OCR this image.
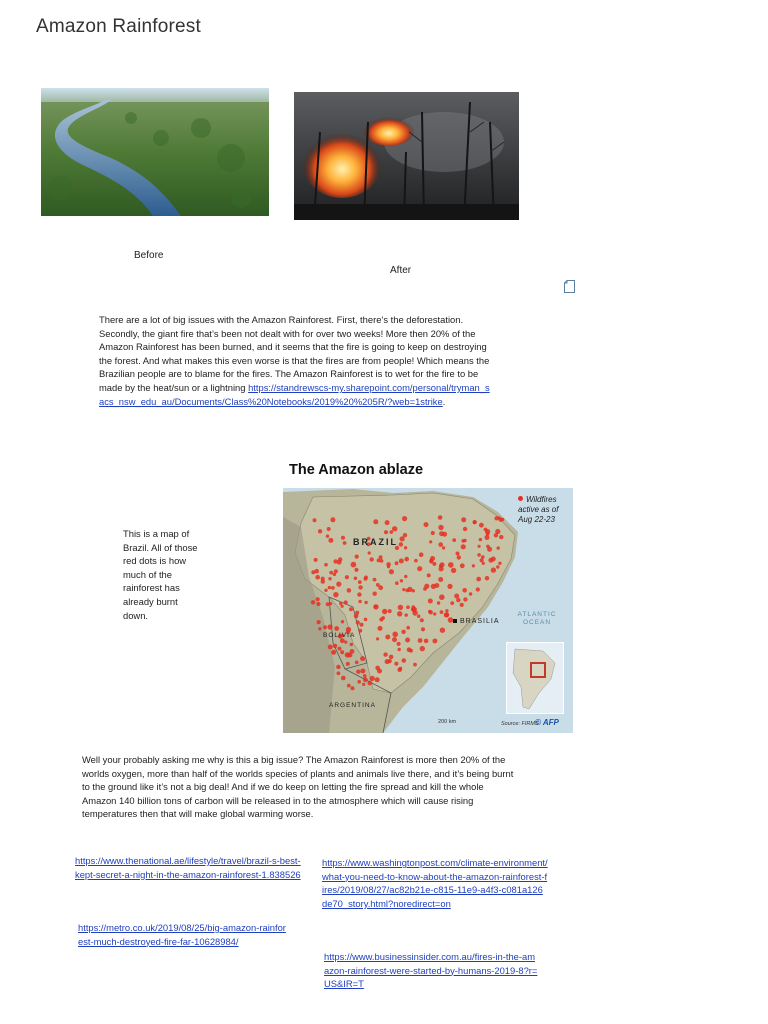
Amazon Rainforest
Before
After
There are a lot of big issues with the Amazon Rainforest. First, there’s the deforestation. Secondly, the giant fire that’s been not dealt with for over two weeks! More then 20% of the Amazon Rainforest has been burned, and it seems that the fire is going to keep on destroying the forest. And what makes this even worse is that the fires are from people! Which means the Brazilian people are to blame for the fires. The Amazon Rainforest is to wet for the fire to be made by the heat/sun or a lightning https://standrewscs-my.sharepoint.com/personal/tryman_sacs_nsw_edu_au/Documents/Class%20Notebooks/2019%20%205R/?web=1strike.
This is a map of Brazil. All of those red dots is how much of the rainforest has already burnt down.
The Amazon ablaze
Wildfires active as of Aug 22-23
BRAZIL
BRASILIA
BOLIVIA
ARGENTINA
ATLANTIC OCEAN
200 km	Source: FIRMS
© AFP
Well your probably asking me why is this a big issue? The Amazon Rainforest is more then 20% of the worlds oxygen, more than half of the worlds species of plants and animals live there, and it’s being burnt to the ground like it’s not a big deal! And if we do keep on letting the fire spread and kill the whole Amazon 140 billion tons of carbon will be released in to the atmosphere which will cause rising temperatures then that will make global warming worse.
https://www.thenational.ae/lifestyle/travel/brazil-s-best-kept-secret-a-night-in-the-amazon-rainforest-1.838526
https://metro.co.uk/2019/08/25/big-amazon-rainforest-much-destroyed-fire-far-10628984/
https://www.washingtonpost.com/climate-environment/what-you-need-to-know-about-the-amazon-rainforest-fires/2019/08/27/ac82b21e-c815-11e9-a4f3-c081a126de70_story.html?noredirect=on
https://www.businessinsider.com.au/fires-in-the-amazon-rainforest-were-started-by-humans-2019-8?r=US&IR=T
